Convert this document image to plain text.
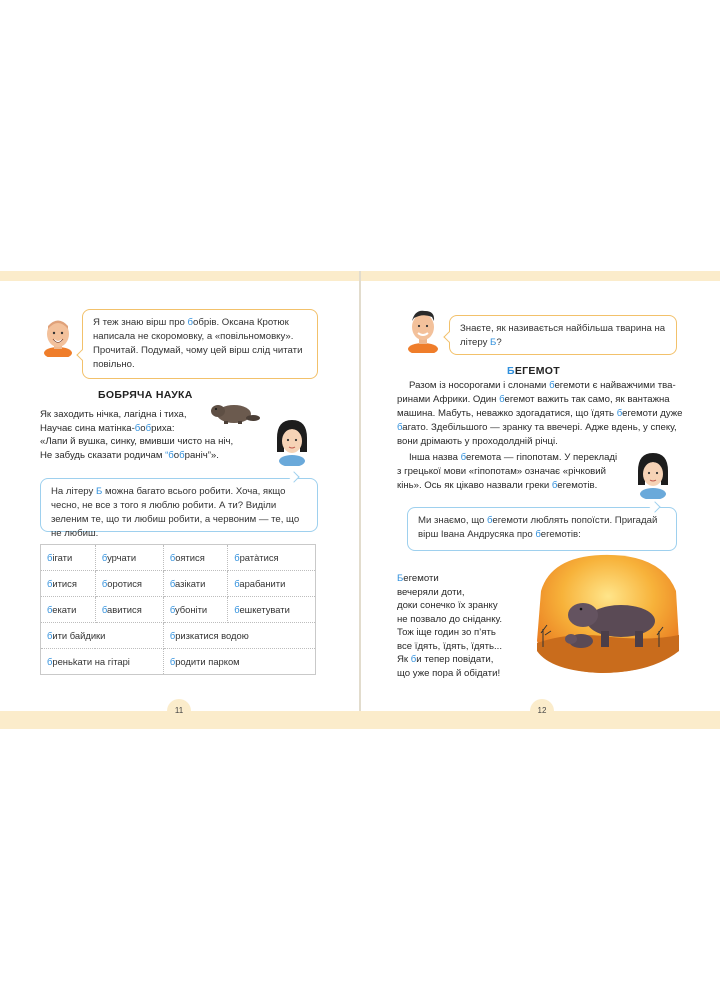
Я теж знаю вірш про бобрів. Оксана Кротюк написала не скоромовку, а «повільномовку». Прочитай. Подумай, чому цей вірш слід читати повільно.
БОБРЯЧА НАУКА
Як заходить нічка, лагідна і тиха,
Научає сина матінка-бобриха:
«Лапи й вушка, синку, вмивши чисто на ніч,
Не забудь сказати родичам “бобраніч”».
На літеру Б можна багато всього робити. Хоча, якщо чесно, не все з того я люблю робити. А ти? Виділи зеленим те, що ти любиш робити, а червоним — те, що не любиш.
бігати	бурчати	боятися	братàтися
битися	боротися	базікати	барабанити
бекати	бавитися	бубоніти	бешкетувати
бити байдики		бризкатися водою	
бреньkати на гітарі		бродити парком	
Знаєте, як називається найбільша тварина на літеру Б?
БЕГЕМОТ
Разом із носорогами і слонами бегемоти є найважчими тва-
ринами Африки. Один бегемот важить так само, як вантажна
машина. Мабуть, неважко здогадатися, що їдять бегемоти дуже
багато. Здебільшого — зранку та ввечері. Адже вдень, у спеку,
вони дрімають у проходолдній річці.
Інша назва бегемота — гіпопотам. У перекладі
з грецької мови «гіпопотам» означає «річковий
кінь». Ось як цікаво назвали греки бегемотів.
Ми знаємо, що бегемоти люблять попоїсти. Пригадай вірш Івана Андрусяка про бегемотів:
Бегемоти
вечеряли доти,
доки сонечко їх зранку
не позвало до сніданку.
Тож іще годин зо п’ять
все їдять, їдять, їдять...
Як би тепер повідати,
що уже пора й обідати!
11	12
